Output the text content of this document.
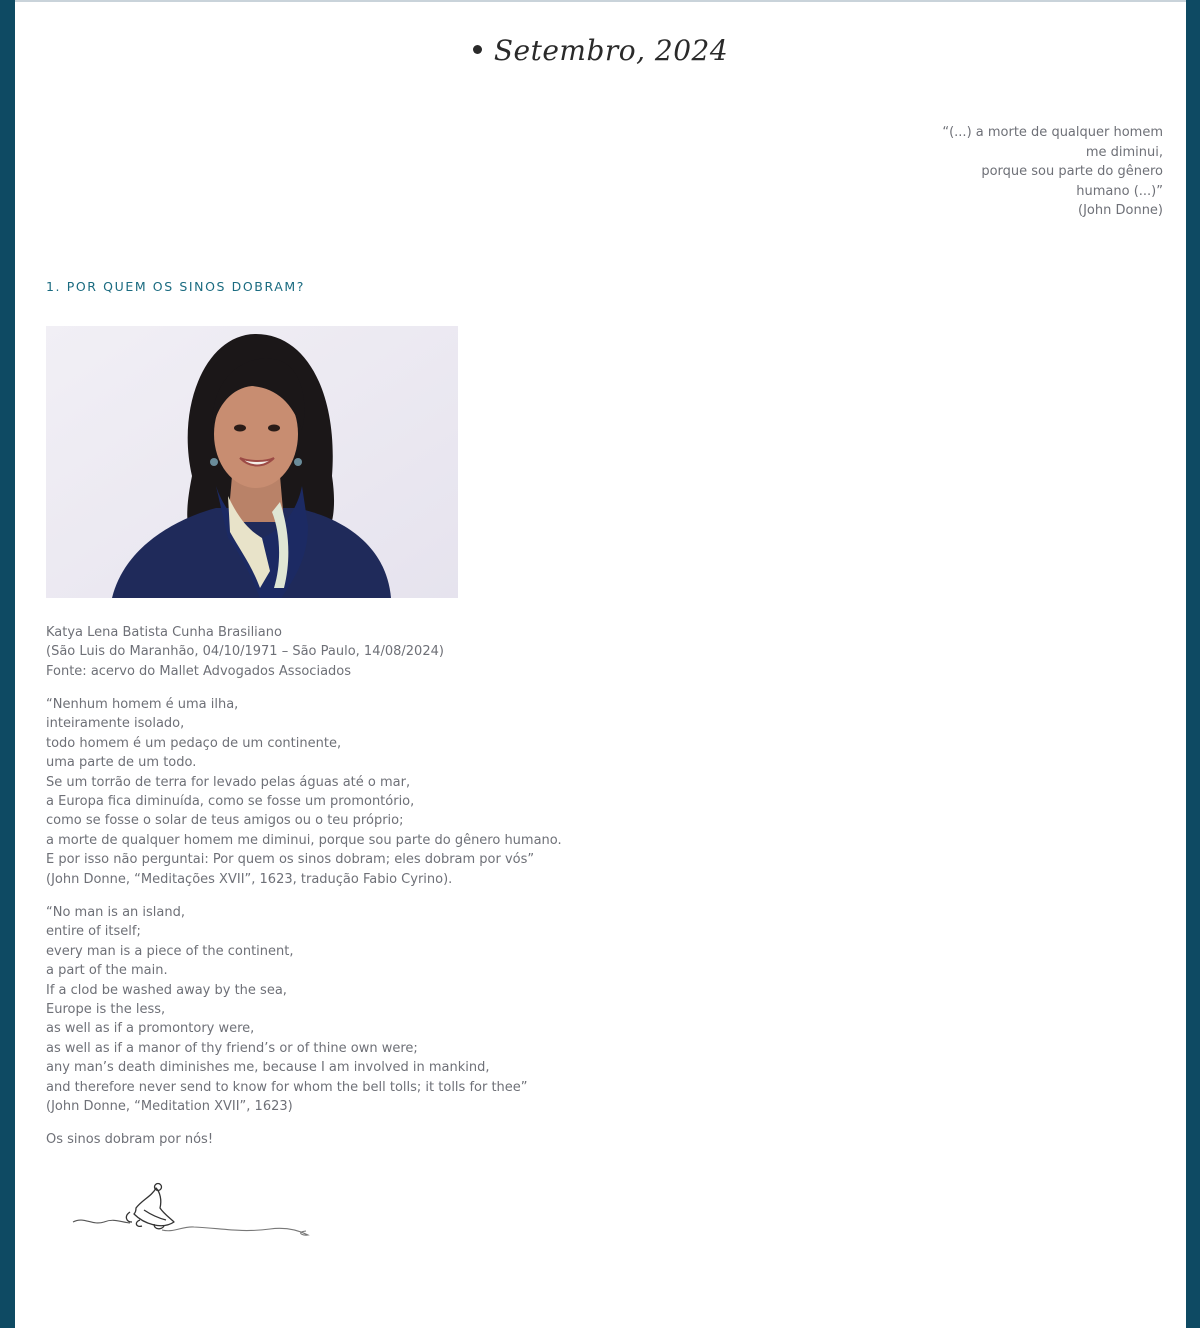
Setembro, 2024
“(...) a morte de qualquer homem
me diminui,
porque sou parte do gênero
humano (...)”
(John Donne)
1. POR QUEM OS SINOS DOBRAM?
Katya Lena Batista Cunha Brasiliano
(São Luis do Maranhão, 04/10/1971 – São Paulo, 14/08/2024)
Fonte: acervo do Mallet Advogados Associados
“Nenhum homem é uma ilha,
inteiramente isolado,
todo homem é um pedaço de um continente,
uma parte de um todo.
Se um torrão de terra for levado pelas águas até o mar,
a Europa fica diminuída, como se fosse um promontório,
como se fosse o solar de teus amigos ou o teu próprio;
a morte de qualquer homem me diminui, porque sou parte do gênero humano.
E por isso não perguntai: Por quem os sinos dobram; eles dobram por vós”
(John Donne, “Meditações XVII”, 1623, tradução Fabio Cyrino).
“No man is an island,
entire of itself;
every man is a piece of the continent,
a part of the main.
If a clod be washed away by the sea,
Europe is the less,
as well as if a promontory were,
as well as if a manor of thy friend’s or of thine own were;
any man’s death diminishes me, because I am involved in mankind,
and therefore never send to know for whom the bell tolls; it tolls for thee”
(John Donne, “Meditation XVII”, 1623)
Os sinos dobram por nós!
